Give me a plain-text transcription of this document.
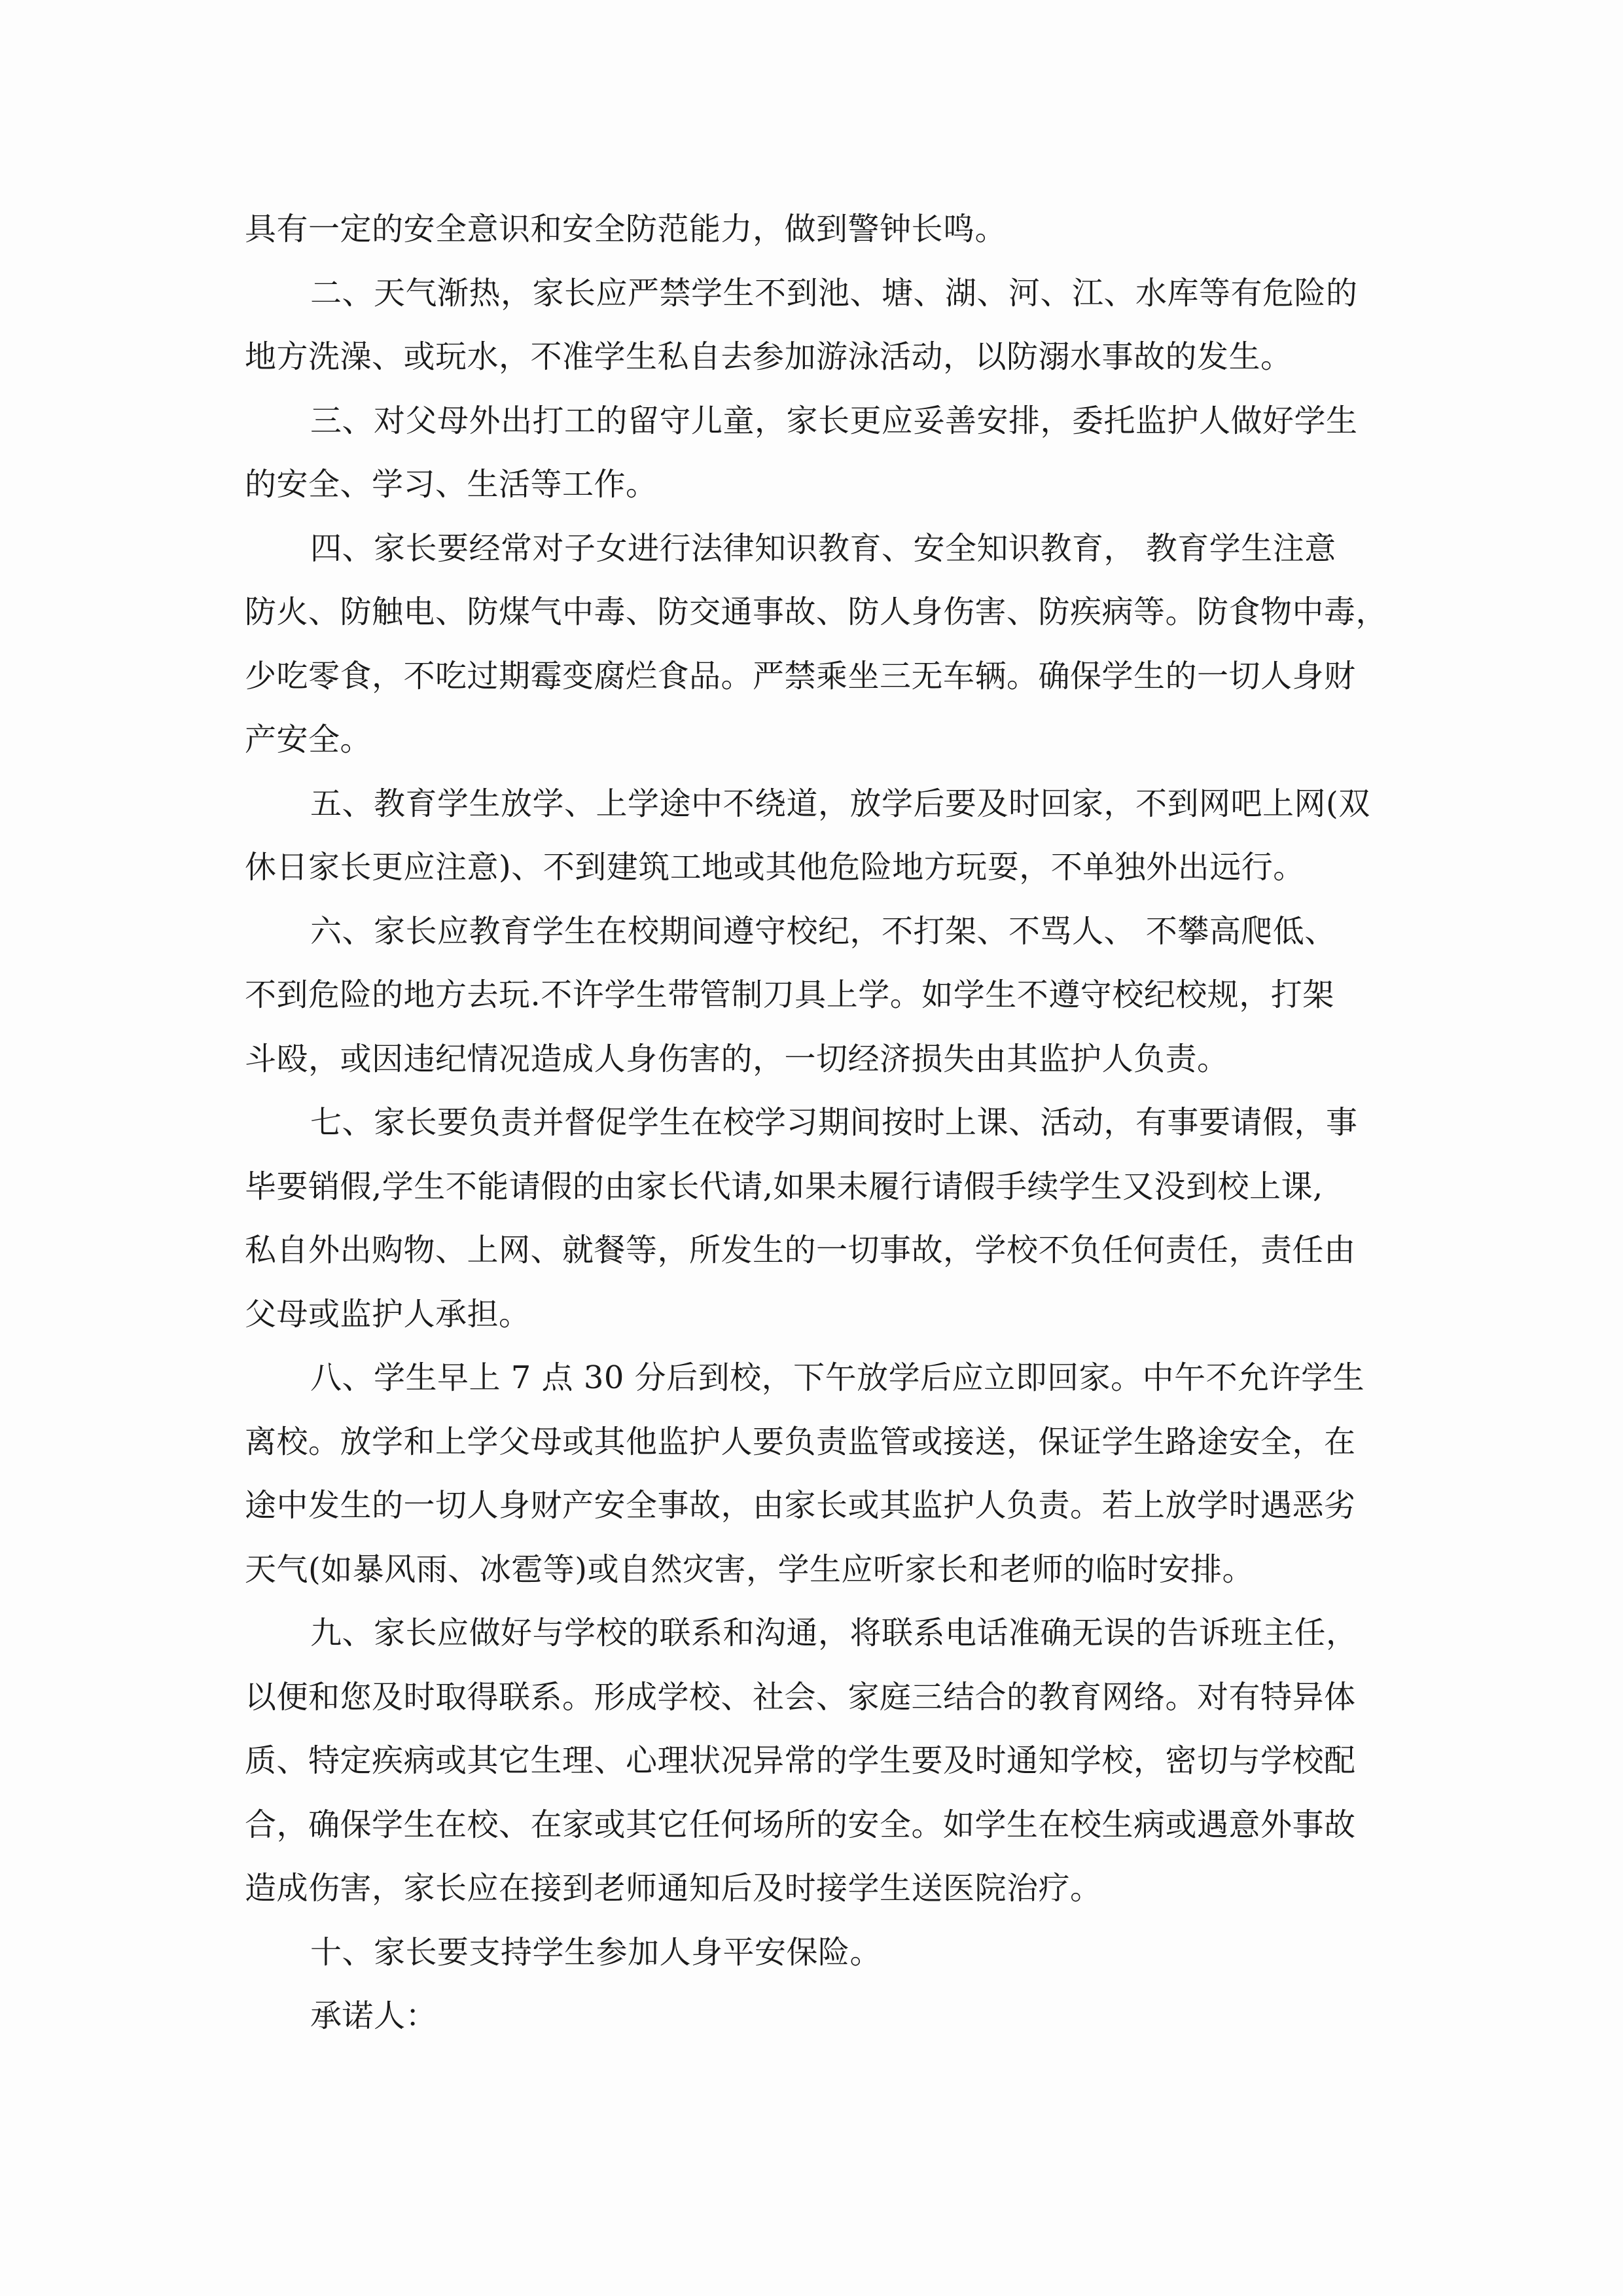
具有一定的安全意识和安全防范能力，做到警钟长鸣。
二、天气渐热，家长应严禁学生不到池、塘、湖、河、江、水库等有危险的
地方洗澡、或玩水，不准学生私自去参加游泳活动，以防溺水事故的发生。
三、对父母外出打工的留守儿童，家长更应妥善安排，委托监护人做好学生
的安全、学习、生活等工作。
四、家长要经常对子女进行法律知识教育、安全知识教育， 教育学生注意
防火、防触电、防煤气中毒、防交通事故、防人身伤害、防疾病等。防食物中毒，
少吃零食，不吃过期霉变腐烂食品。严禁乘坐三无车辆。确保学生的一切人身财
产安全。
五、教育学生放学、上学途中不绕道，放学后要及时回家，不到网吧上网(双
休日家长更应注意)、不到建筑工地或其他危险地方玩耍，不单独外出远行。
六、家长应教育学生在校期间遵守校纪，不打架、不骂人、 不攀高爬低、
不到危险的地方去玩.不许学生带管制刀具上学。如学生不遵守校纪校规，打架
斗殴，或因违纪情况造成人身伤害的，一切经济损失由其监护人负责。
七、家长要负责并督促学生在校学习期间按时上课、活动，有事要请假，事
毕要销假,学生不能请假的由家长代请,如果未履行请假手续学生又没到校上课,
私自外出购物、上网、就餐等，所发生的一切事故，学校不负任何责任，责任由
父母或监护人承担。
八、学生早上 7 点 30 分后到校，下午放学后应立即回家。中午不允许学生
离校。放学和上学父母或其他监护人要负责监管或接送，保证学生路途安全，在
途中发生的一切人身财产安全事故，由家长或其监护人负责。若上放学时遇恶劣
天气(如暴风雨、冰雹等)或自然灾害，学生应听家长和老师的临时安排。
九、家长应做好与学校的联系和沟通，将联系电话准确无误的告诉班主任，
以便和您及时取得联系。形成学校、社会、家庭三结合的教育网络。对有特异体
质、特定疾病或其它生理、心理状况异常的学生要及时通知学校，密切与学校配
合，确保学生在校、在家或其它任何场所的安全。如学生在校生病或遇意外事故
造成伤害，家长应在接到老师通知后及时接学生送医院治疗。
十、家长要支持学生参加人身平安保险。
承诺人：
